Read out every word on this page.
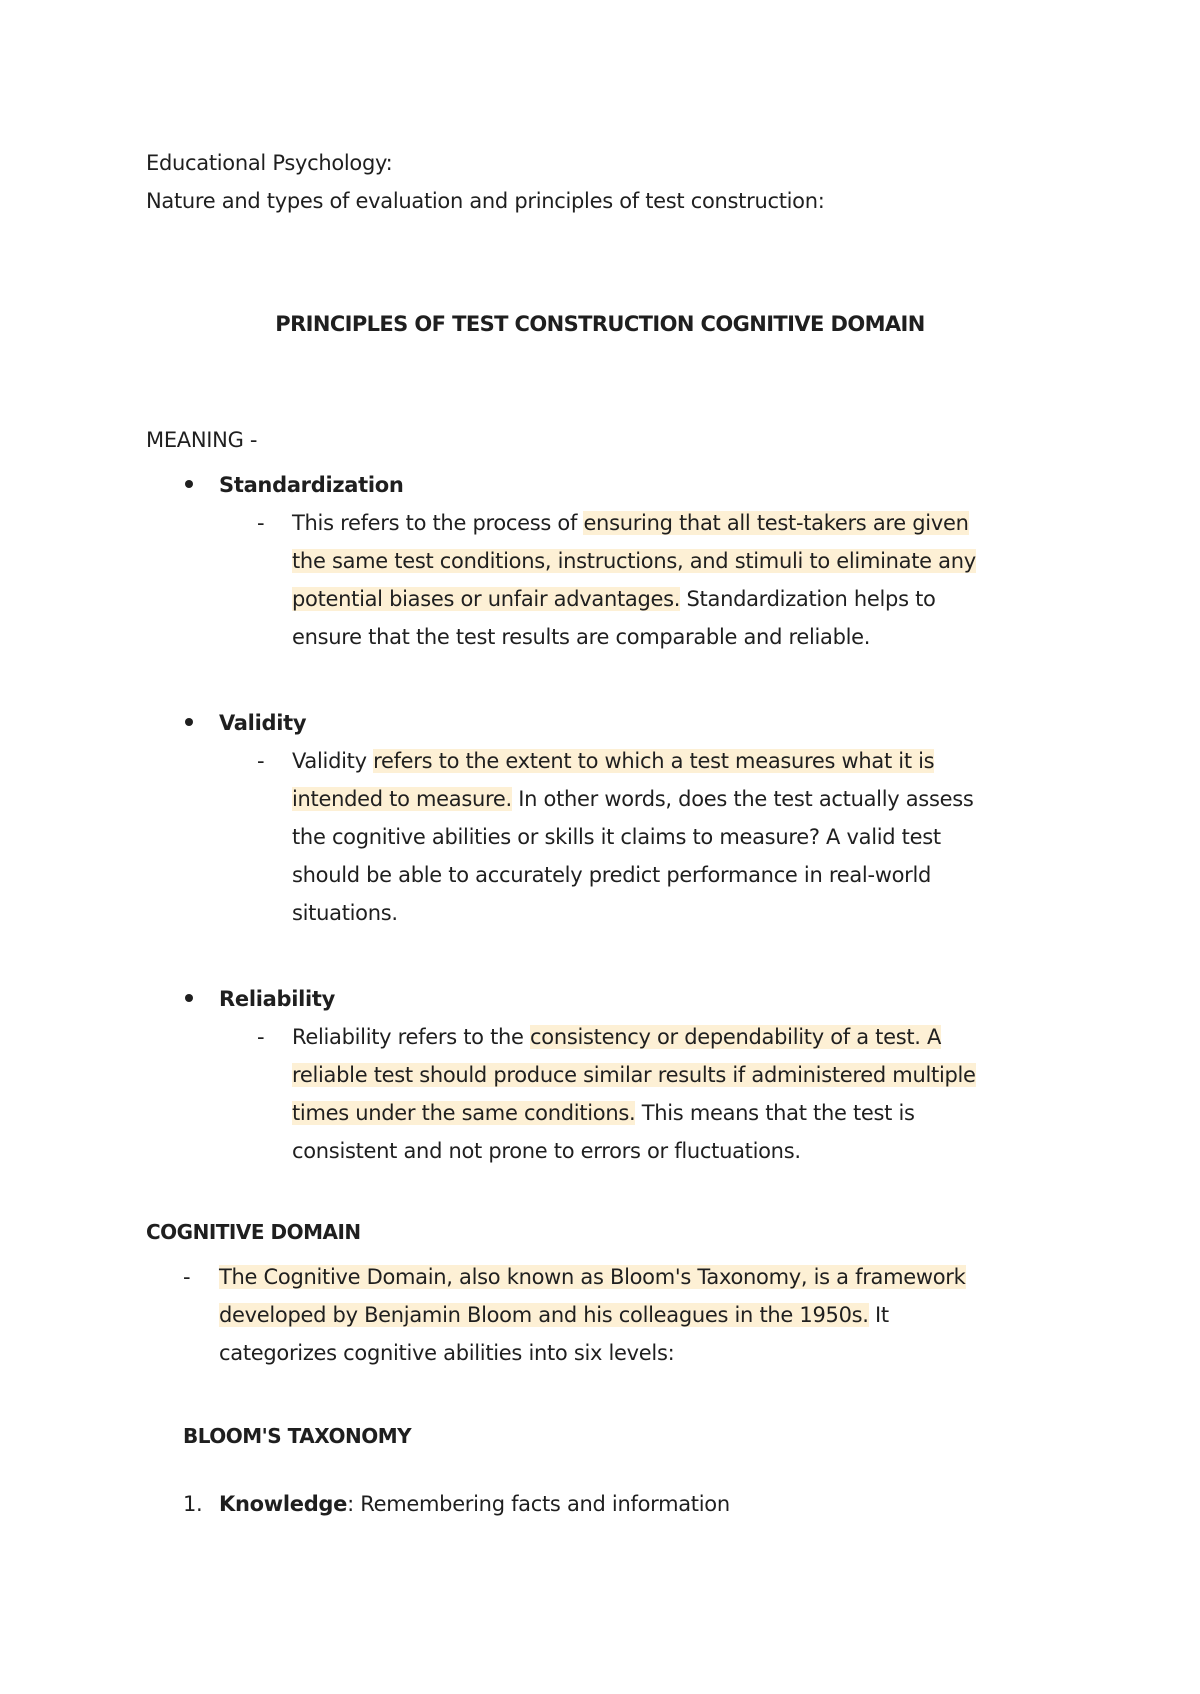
Educational Psychology:
Nature and types of evaluation and principles of test construction:
PRINCIPLES OF TEST CONSTRUCTION COGNITIVE DOMAIN
MEANING -
Standardization
- This refers to the process of ensuring that all test-takers are given
the same test conditions, instructions, and stimuli to eliminate any
potential biases or unfair advantages. Standardization helps to
ensure that the test results are comparable and reliable.
Validity
- Validity refers to the extent to which a test measures what it is
intended to measure. In other words, does the test actually assess
the cognitive abilities or skills it claims to measure? A valid test
should be able to accurately predict performance in real-world
situations.
Reliability
- Reliability refers to the consistency or dependability of a test. A
reliable test should produce similar results if administered multiple
times under the same conditions. This means that the test is
consistent and not prone to errors or fluctuations.
COGNITIVE DOMAIN
- The Cognitive Domain, also known as Bloom's Taxonomy, is a framework
developed by Benjamin Bloom and his colleagues in the 1950s. It
categorizes cognitive abilities into six levels:
BLOOM'S TAXONOMY
1. Knowledge: Remembering facts and information
